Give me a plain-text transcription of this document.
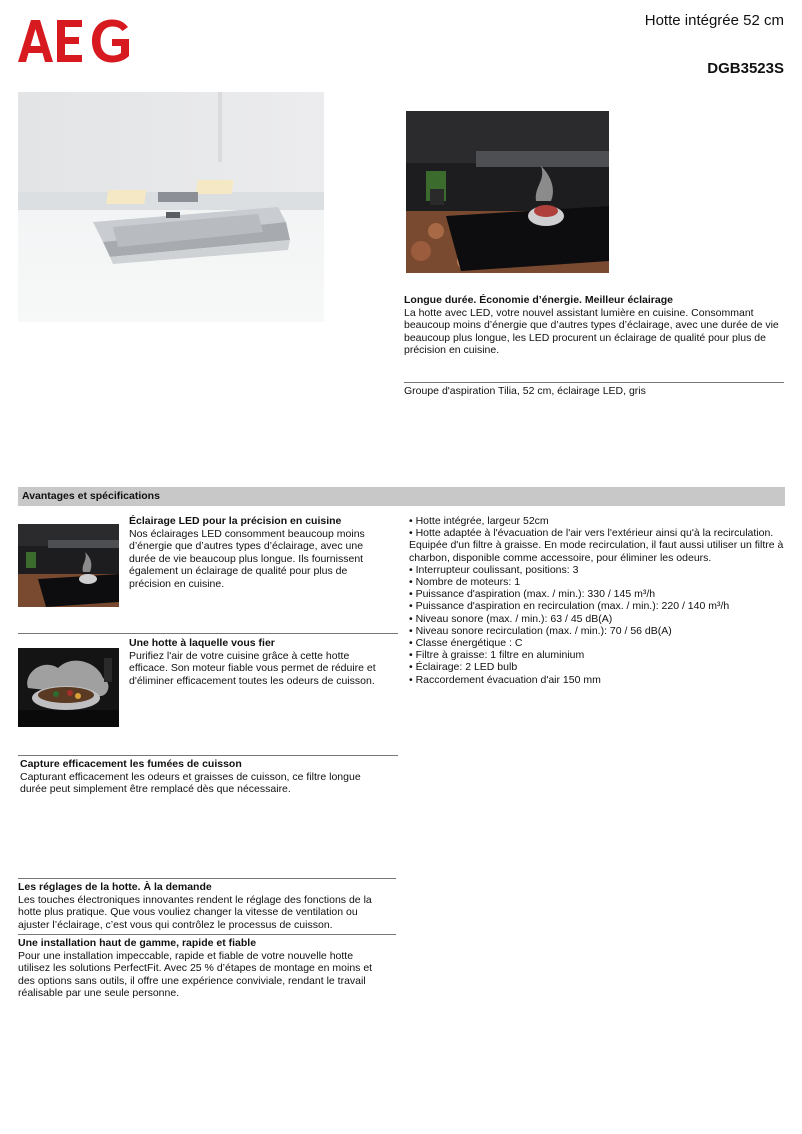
Hotte intégrée 52 cm
DGB3523S
Longue durée. Économie d’énergie. Meilleur éclairage
La hotte avec LED, votre nouvel assistant lumière en cuisine. Consommant beaucoup moins d’énergie que d’autres types d’éclairage, avec une durée de vie beaucoup plus longue, les LED procurent un éclairage de qualité pour plus de précision en cuisine.
Groupe d'aspiration Tilia, 52 cm, éclairage LED, gris
Avantages et spécifications
Éclairage LED pour la précision en cuisine
Nos éclairages LED consomment beaucoup moins d’énergie que d’autres types d’éclairage, avec une durée de vie beaucoup plus longue. Ils fournissent également un éclairage de qualité pour plus de précision en cuisine.
Une hotte à laquelle vous fier
Purifiez l'air de votre cuisine grâce à cette hotte efficace. Son moteur fiable vous permet de réduire et d'éliminer efficacement toutes les odeurs de cuisson.
Capture efficacement les fumées de cuisson
Capturant efficacement les odeurs et graisses de cuisson, ce filtre longue durée peut simplement être remplacé dès que nécessaire.
Les réglages de la hotte. À la demande
Les touches électroniques innovantes rendent le réglage des fonctions de la hotte plus pratique. Que vous vouliez changer la vitesse de ventilation ou ajuster l’éclairage, c’est vous qui contrôlez le processus de cuisson.
Une installation haut de gamme, rapide et fiable
Pour une installation impeccable, rapide et fiable de votre nouvelle hotte utilisez les solutions PerfectFit. Avec 25 % d’étapes de montage en moins et des options sans outils, il offre une expérience conviviale, rendant le travail réalisable par une seule personne.
• Hotte intégrée, largeur 52cm
• Hotte adaptée à l'évacuation de l'air vers l'extérieur ainsi qu'à la recirculation. Equipée d'un filtre à graisse. En mode recirculation, il faut aussi utiliser un filtre à charbon, disponible comme accessoire, pour éliminer les odeurs.
• Interrupteur coulissant, positions: 3
• Nombre de moteurs: 1
• Puissance d'aspiration (max. / min.): 330 / 145 m³/h
• Puissance d'aspiration en recirculation (max. / min.): 220 / 140 m³/h
• Niveau sonore (max. / min.): 63 / 45 dB(A)
• Niveau sonore recirculation (max. / min.): 70 / 56 dB(A)
• Classe énergétique : C
• Filtre à graisse: 1 filtre en aluminium
• Éclairage: 2 LED bulb
• Raccordement évacuation d'air 150 mm
